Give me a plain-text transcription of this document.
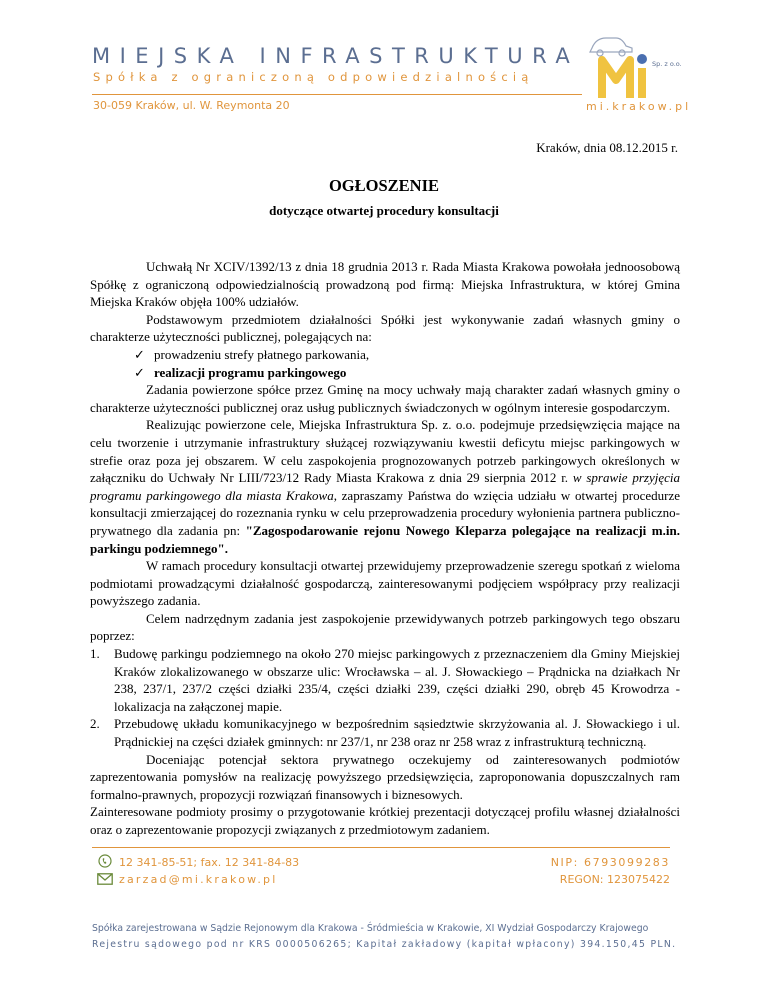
MIEJSKA INFRASTRUKTURA
Spółka z ograniczoną odpowiedzialnością
30-059 Kraków, ul. W. Reymonta 20
Sp. z o.o.
mi.krakow.pl
Kraków, dnia 08.12.2015 r.
OGŁOSZENIE
dotyczące otwartej procedury konsultacji

Uchwałą Nr XCIV/1392/13 z dnia 18 grudnia 2013 r. Rada Miasta Krakowa powołała jednoosobową Spółkę z ograniczoną odpowiedzialnością prowadzoną pod firmą: Miejska Infrastruktura, w której Gmina Miejska Kraków objęła 100% udziałów.

Podstawowym przedmiotem działalności Spółki jest wykonywanie zadań własnych gminy o charakterze użyteczności publicznej, polegających na:

✓ prowadzeniu strefy płatnego parkowania,
✓ realizacji programu parkingowego

Zadania powierzone spółce przez Gminę na mocy uchwały mają charakter zadań własnych gminy o charakterze użyteczności publicznej oraz usług publicznych świadczonych w ogólnym interesie gospodarczym.

Realizując powierzone cele, Miejska Infrastruktura Sp. z. o.o. podejmuje przedsięwzięcia mające na celu tworzenie i utrzymanie infrastruktury służącej rozwiązywaniu kwestii deficytu miejsc parkingowych w strefie oraz poza jej obszarem. W celu zaspokojenia prognozowanych potrzeb parkingowych określonych w załączniku do Uchwały Nr LIII/723/12 Rady Miasta Krakowa z dnia 29 sierpnia 2012 r. w sprawie przyjęcia programu parkingowego dla miasta Krakowa, zapraszamy Państwa do wzięcia udziału w otwartej procedurze konsultacji zmierzającej do rozeznania rynku w celu przeprowadzenia procedury wyłonienia partnera publiczno-prywatnego dla zadania pn: "Zagospodarowanie rejonu Nowego Kleparza polegające na realizacji m.in. parkingu podziemnego".

W ramach procedury konsultacji otwartej przewidujemy przeprowadzenie szeregu spotkań z wieloma podmiotami prowadzącymi działalność gospodarczą, zainteresowanymi podjęciem współpracy przy realizacji powyższego zadania.

Celem nadrzędnym zadania jest zaspokojenie przewidywanych potrzeb parkingowych tego obszaru poprzez:

1. Budowę parkingu podziemnego na około 270 miejsc parkingowych z przeznaczeniem dla Gminy Miejskiej Kraków zlokalizowanego w obszarze ulic: Wrocławska – al. J. Słowackiego – Prądnicka na działkach Nr 238, 237/1, 237/2 części działki 235/4, części działki 239, części działki 290, obręb 45 Krowodrza - lokalizacja na załączonej mapie.
2. Przebudowę układu komunikacyjnego w bezpośrednim sąsiedztwie skrzyżowania al. J. Słowackiego i ul. Prądnickiej na części działek gminnych: nr 237/1, nr 238 oraz nr 258 wraz z infrastrukturą techniczną.

Doceniając potencjał sektora prywatnego oczekujemy od zainteresowanych podmiotów zaprezentowania pomysłów na realizację powyższego przedsięwzięcia, zaproponowania dopuszczalnych ram formalno-prawnych, propozycji rozwiązań finansowych i biznesowych.

Zainteresowane podmioty prosimy o przygotowanie krótkiej prezentacji dotyczącej profilu własnej działalności oraz o zaprezentowanie propozycji związanych z przedmiotowym zadaniem.

12 341-85-51; fax. 12 341-84-83
zarzad@mi.krakow.pl
NIP: 6793099283
REGON: 123075422
Spółka zarejestrowana w Sądzie Rejonowym dla Krakowa - Śródmieścia w Krakowie, XI Wydział Gospodarczy Krajowego
Rejestru sądowego pod nr KRS 0000506265; Kapitał zakładowy (kapitał wpłacony) 394.150,45 PLN.
